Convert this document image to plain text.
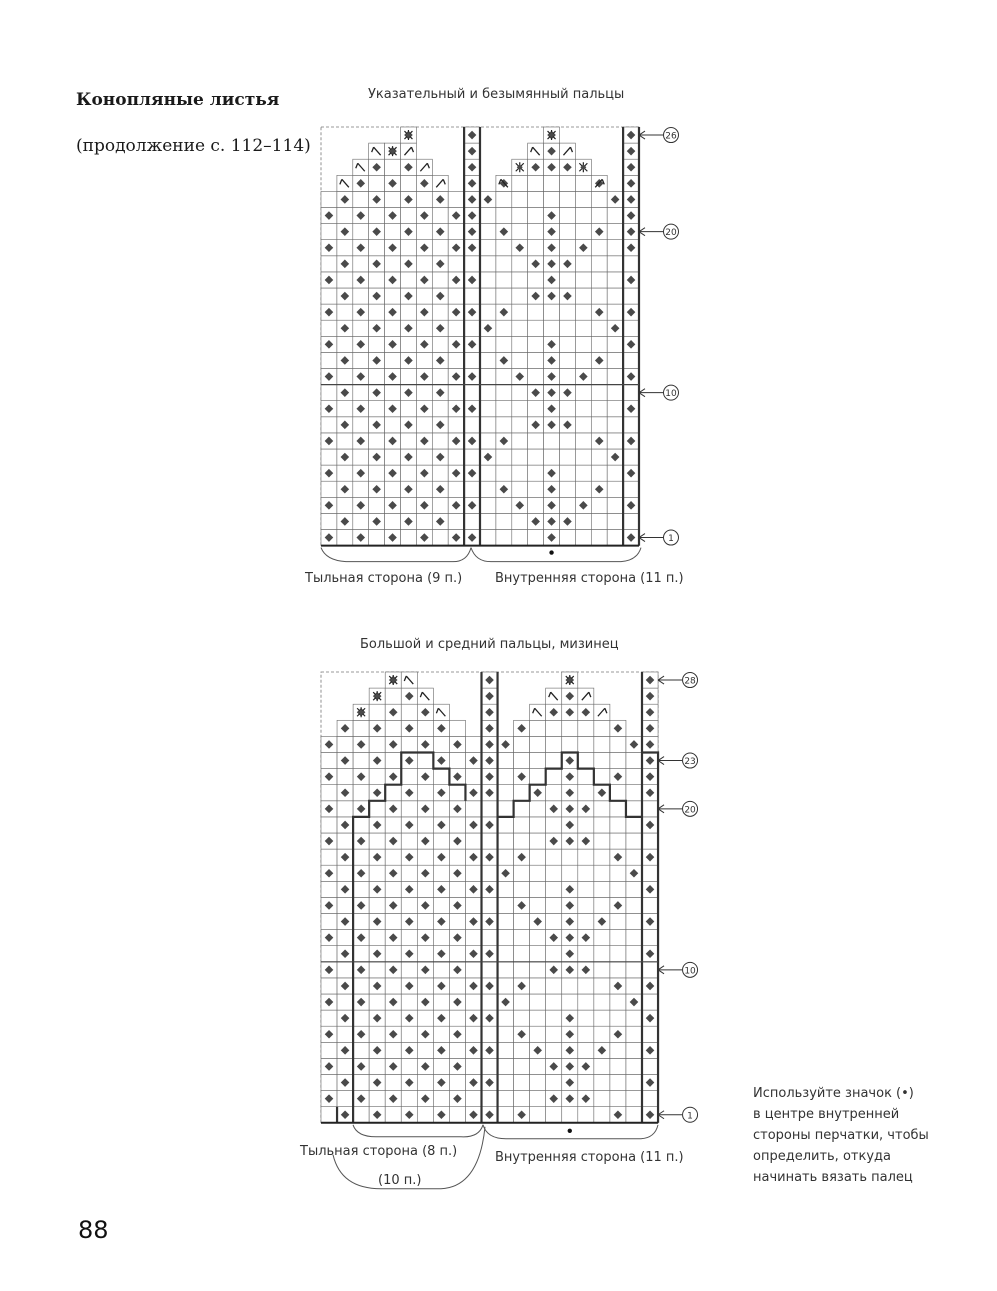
Конопляные листья
(продолжение с. 112–114)
Указательный и безымянный пальцы
Большой и средний пальцы, мизинец
26
20
10
1
28
23
20
10
1
Тыльная сторона (9 п.)	Внутренняя сторона (11 п.)
Тыльная сторона (8 п.)
(10 п.)
Внутренняя сторона (11 п.)
Используйте значок (•)
в центре внутренней
стороны перчатки, чтобы
определить, откуда
начинать вязать палец
88
